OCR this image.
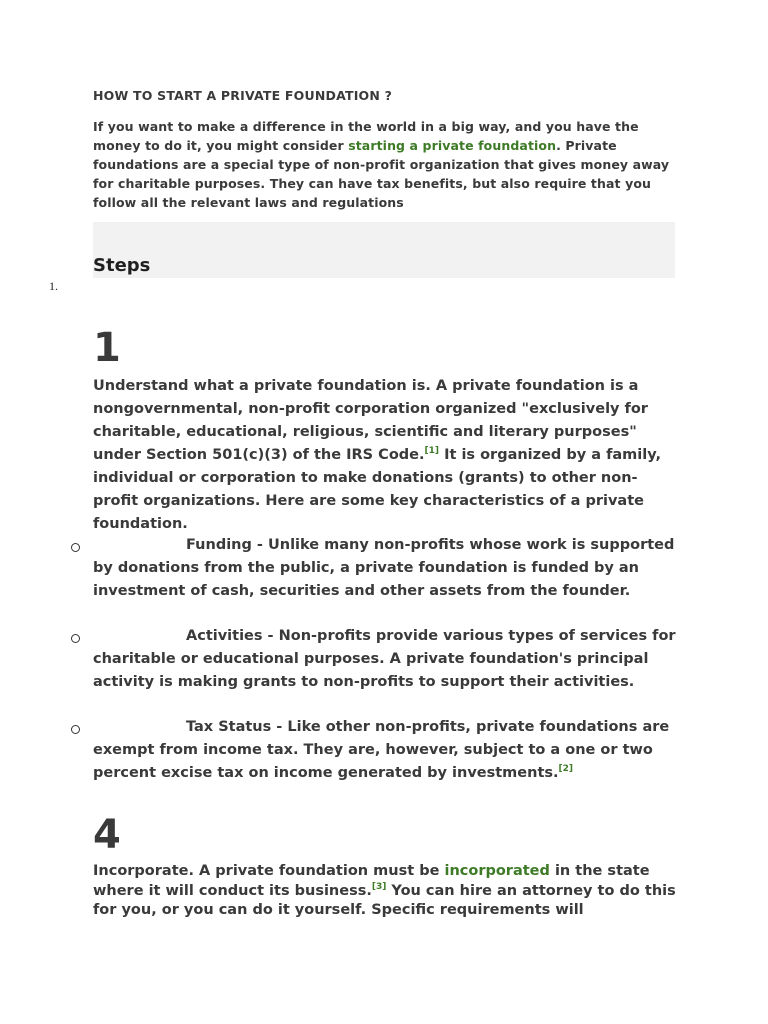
HOW TO START A PRIVATE FOUNDATION ?
If you want to make a difference in the world in a big way, and you have the money to do it, you might consider starting a private foundation. Private foundations are a special type of non-profit organization that gives money away for charitable purposes. They can have tax benefits, but also require that you follow all the relevant laws and regulations
Steps
1.
1

Understand what a private foundation is. A private foundation is a nongovernmental, non-profit corporation organized "exclusively for charitable, educational, religious, scientific and literary purposes" under Section 501(c)(3) of the IRS Code.[1] It is organized by a family, individual or corporation to make donations (grants) to other non-profit organizations. Here are some key characteristics of a private foundation.

Funding - Unlike many non-profits whose work is supported by donations from the public, a private foundation is funded by an investment of cash, securities and other assets from the founder.

Activities - Non-profits provide various types of services for charitable or educational purposes. A private foundation's principal activity is making grants to non-profits to support their activities.

Tax Status - Like other non-profits, private foundations are exempt from income tax. They are, however, subject to a one or two percent excise tax on income generated by investments.[2]

4

Incorporate. A private foundation must be incorporated in the state where it will conduct its business.[3] You can hire an attorney to do this for you, or you can do it yourself. Specific requirements will
